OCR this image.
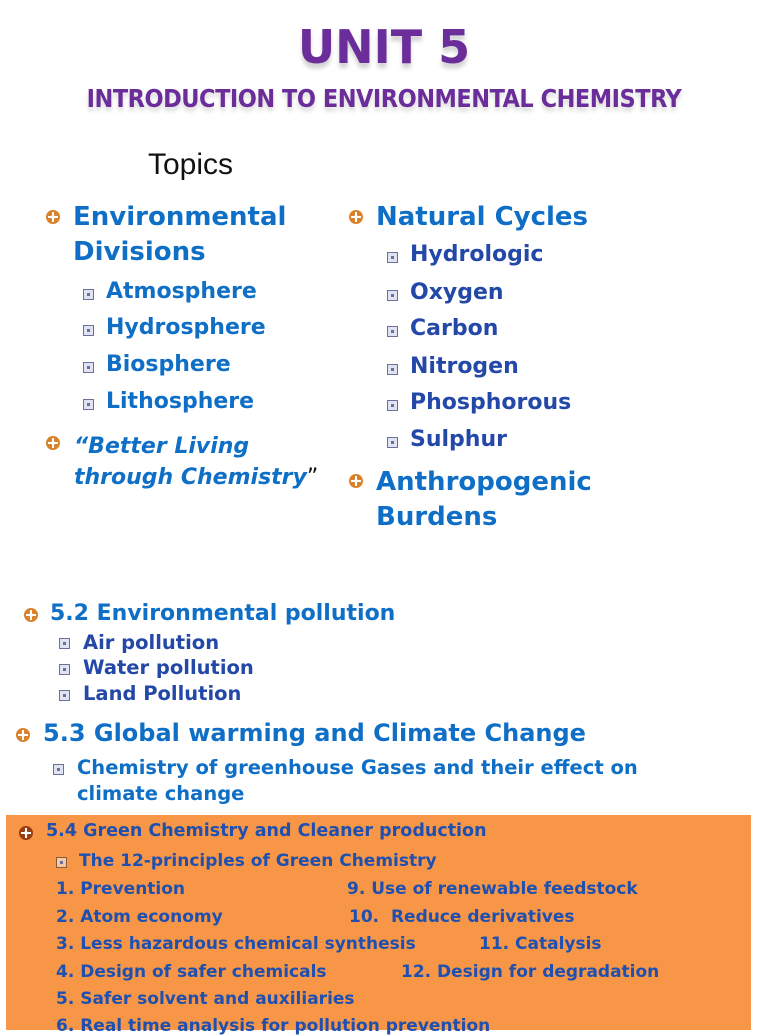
UNIT 5
INTRODUCTION TO ENVIRONMENTAL CHEMISTRY
Topics
Environmental
Divisions
Atmosphere
Hydrosphere
Biosphere
Lithosphere
“Better Living
through Chemistry”
Natural Cycles
Hydrologic
Oxygen
Carbon
Nitrogen
Phosphorous
Sulphur
Anthropogenic
Burdens
5.2 Environmental pollution
Air pollution
Water pollution
Land Pollution
5.3 Global warming and Climate Change
Chemistry of greenhouse Gases and their effect on
climate change
5.4 Green Chemistry and Cleaner production
The 12-principles of Green Chemistry
1. Prevention	9. Use of renewable feedstock
2. Atom economy	10.  Reduce derivatives
3. Less hazardous chemical synthesis	11. Catalysis
4. Design of safer chemicals	12. Design for degradation
5. Safer solvent and auxiliaries
6. Real time analysis for pollution prevention
